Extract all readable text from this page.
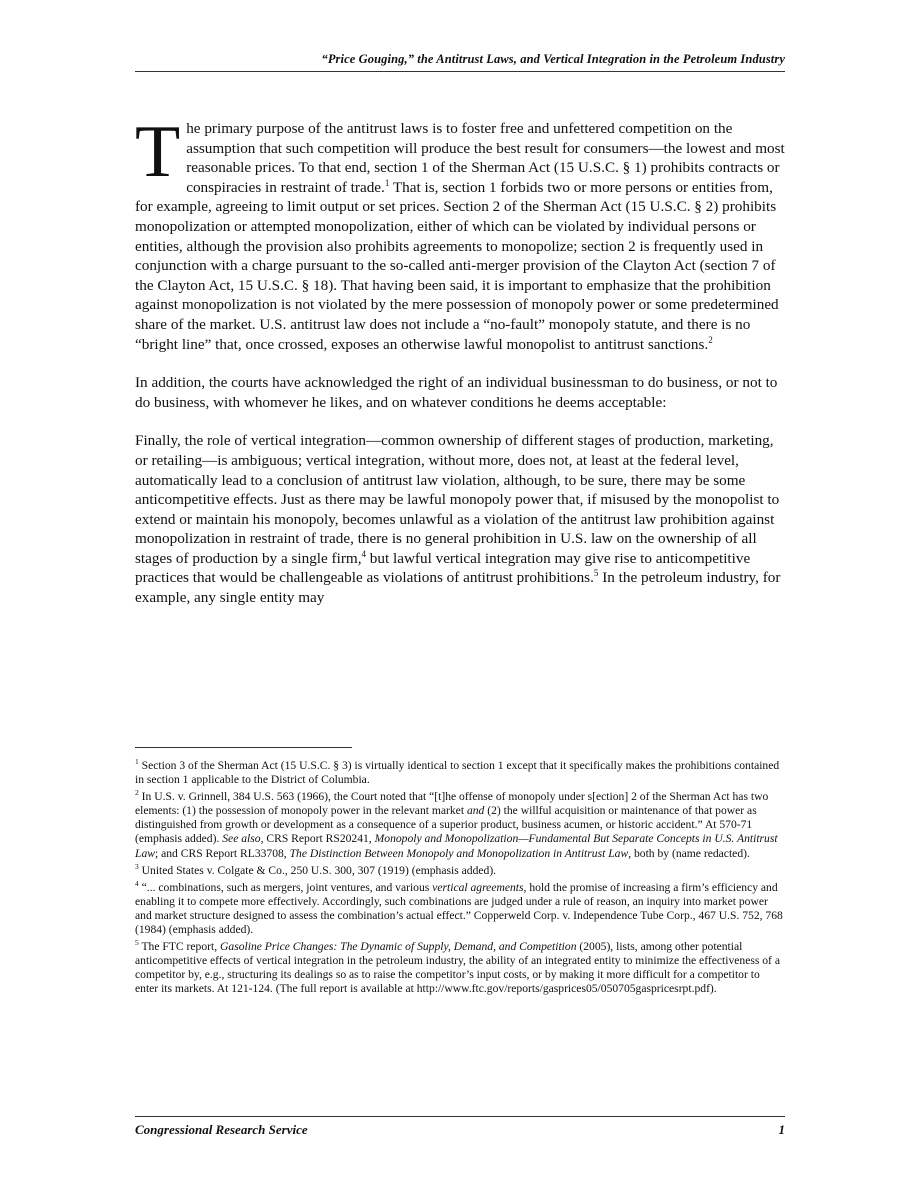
“Price Gouging,” the Antitrust Laws, and Vertical Integration in the Petroleum Industry

The primary purpose of the antitrust laws is to foster free and unfettered competition on the assumption that such competition will produce the best result for consumers—the lowest and most reasonable prices. To that end, section 1 of the Sherman Act (15 U.S.C. § 1) prohibits contracts or conspiracies in restraint of trade.$^1$ That is, section 1 forbids two or more persons or entities from, for example, agreeing to limit output or set prices. Section 2 of the Sherman Act (15 U.S.C. § 2) prohibits monopolization or attempted monopolization, either of which can be violated by individual persons or entities, although the provision also prohibits agreements to monopolize; section 2 is frequently used in conjunction with a charge pursuant to the so-called anti-merger provision of the Clayton Act (section 7 of the Clayton Act, 15 U.S.C. § 18). That having been said, it is important to emphasize that the prohibition against monopolization is not violated by the mere possession of monopoly power or some predetermined share of the market. U.S. antitrust law does not include a “no-fault” monopoly statute, and there is no “bright line” that, once crossed, exposes an otherwise lawful monopolist to antitrust sanctions.$^2$

In addition, the courts have acknowledged the right of an individual businessman to do business, or not to do business, with whomever he likes, and on whatever conditions he deems acceptable:

Finally, the role of vertical integration—common ownership of different stages of production, marketing, or retailing—is ambiguous; vertical integration, without more, does not, at least at the federal level, automatically lead to a conclusion of antitrust law violation, although, to be sure, there may be some anticompetitive effects. Just as there may be lawful monopoly power that, if misused by the monopolist to extend or maintain his monopoly, becomes unlawful as a violation of the antitrust law prohibition against monopolization in restraint of trade, there is no general prohibition in U.S. law on the ownership of all stages of production by a single firm,$^4$ but lawful vertical integration may give rise to anticompetitive practices that would be challengeable as violations of antitrust prohibitions.$^5$ In the petroleum industry, for example, any single entity may

$^1$ Section 3 of the Sherman Act (15 U.S.C. § 3) is virtually identical to section 1 except that it specifically makes the prohibitions contained in section 1 applicable to the District of Columbia.
$^2$ In U.S. v. Grinnell, 384 U.S. 563 (1966), the Court noted that “[t]he offense of monopoly under s[ection] 2 of the Sherman Act has two elements: (1) the possession of monopoly power in the relevant market and (2) the willful acquisition or maintenance of that power as distinguished from growth or development as a consequence of a superior product, business acumen, or historic accident.” At 570-71 (emphasis added). See also, CRS Report RS20241, Monopoly and Monopolization—Fundamental But Separate Concepts in U.S. Antitrust Law; and CRS Report RL33708, The Distinction Between Monopoly and Monopolization in Antitrust Law, both by (name redacted).
$^3$ United States v. Colgate & Co., 250 U.S. 300, 307 (1919) (emphasis added).
$^4$ “... combinations, such as mergers, joint ventures, and various vertical agreements, hold the promise of increasing a firm’s efficiency and enabling it to compete more effectively. Accordingly, such combinations are judged under a rule of reason, an inquiry into market power and market structure designed to assess the combination’s actual effect.” Copperweld Corp. v. Independence Tube Corp., 467 U.S. 752, 768 (1984) (emphasis added).
$^5$ The FTC report, Gasoline Price Changes: The Dynamic of Supply, Demand, and Competition (2005), lists, among other potential anticompetitive effects of vertical integration in the petroleum industry, the ability of an integrated entity to minimize the effectiveness of a competitor by, e.g., structuring its dealings so as to raise the competitor’s input costs, or by making it more difficult for a competitor to enter its markets. At 121-124. (The full report is available at http://www.ftc.gov/reports/gasprices05/050705gaspricesrpt.pdf).
Congressional Research Service	1
